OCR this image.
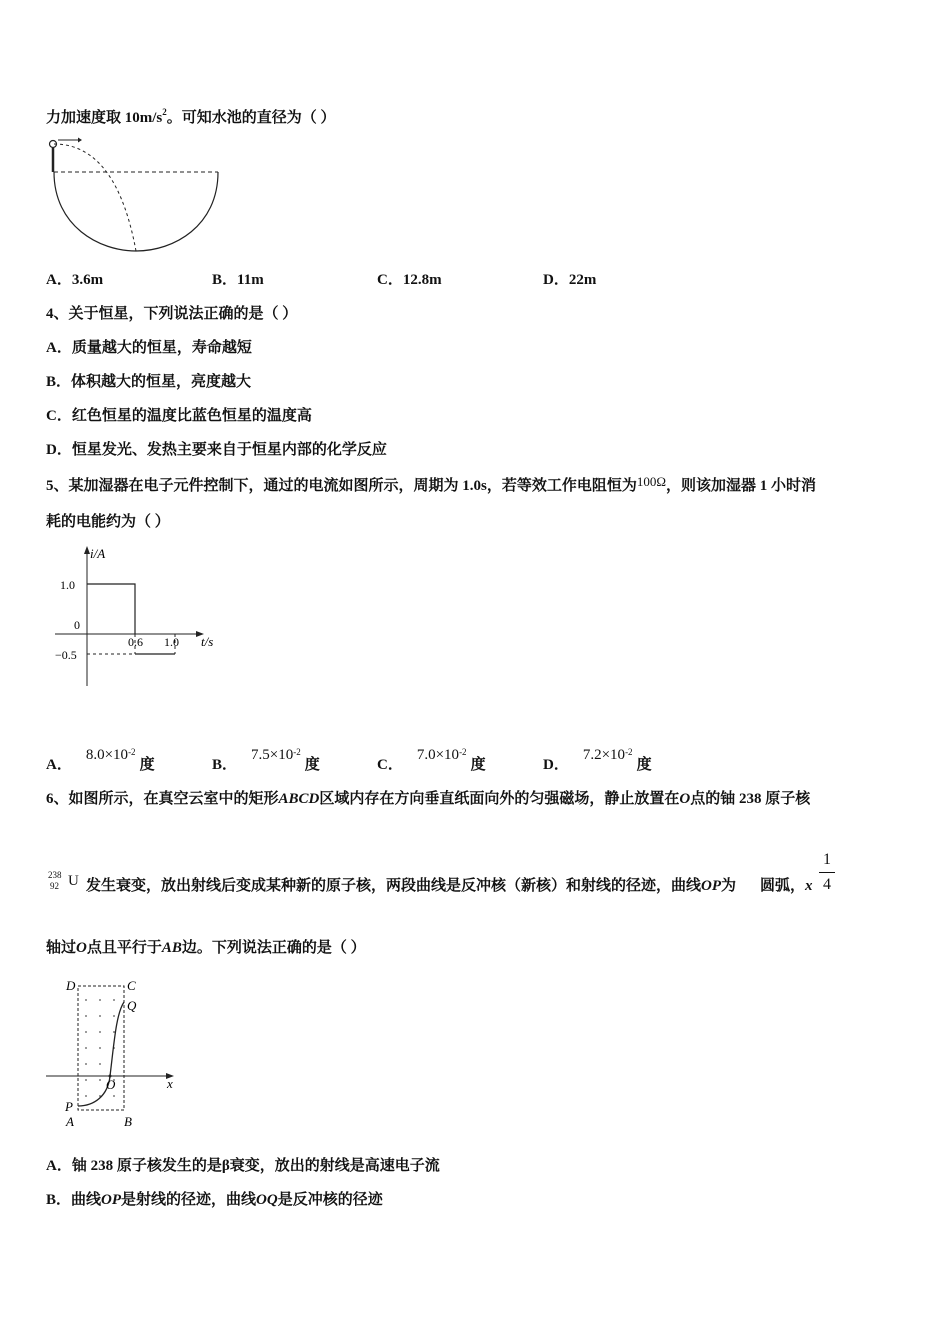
力加速度取 $10m/s^2$。可知水池的直径为（ ）
A．3.6m	B．11m	C．12.8m	D．22m
4、关于恒星，下列说法正确的是（ ）
A．质量越大的恒星，寿命越短
B．体积越大的恒星，亮度越大
C．红色恒星的温度比蓝色恒星的温度高
D．恒星发光、发热主要来自于恒星内部的化学反应
5、某加湿器在电子元件控制下，通过的电流如图所示，周期为 1.0s，若等效工作电阻恒为100Ω，则该加湿器 1 小时消
耗的电能约为（ ）
i/A
t/s
1.0
0
−0.5
0.6 1.0
A．$8.0\times 10^{-2}$度	B．$7.5\times 10^{-2}$度	C．$7.0\times 10^{-2}$度	D．$7.2\times 10^{-2}$度
6、如图所示，在真空云室中的矩形ABCD区域内存在方向垂直纸面向外的匀强磁场，静止放置在O点的铀 238 原子核
238
92 U 发生衰变，放出射线后变成某种新的原子核，两段曲线是反冲核（新核）和射线的径迹，曲线OP为 圆弧，x
1
4
轴过O点且平行于AB边。下列说法正确的是（ ）
D	C
Q
O	x
P
A	B
A．铀 238 原子核发生的是β衰变，放出的射线是高速电子流
B．曲线OP是射线的径迹，曲线OQ是反冲核的径迹
